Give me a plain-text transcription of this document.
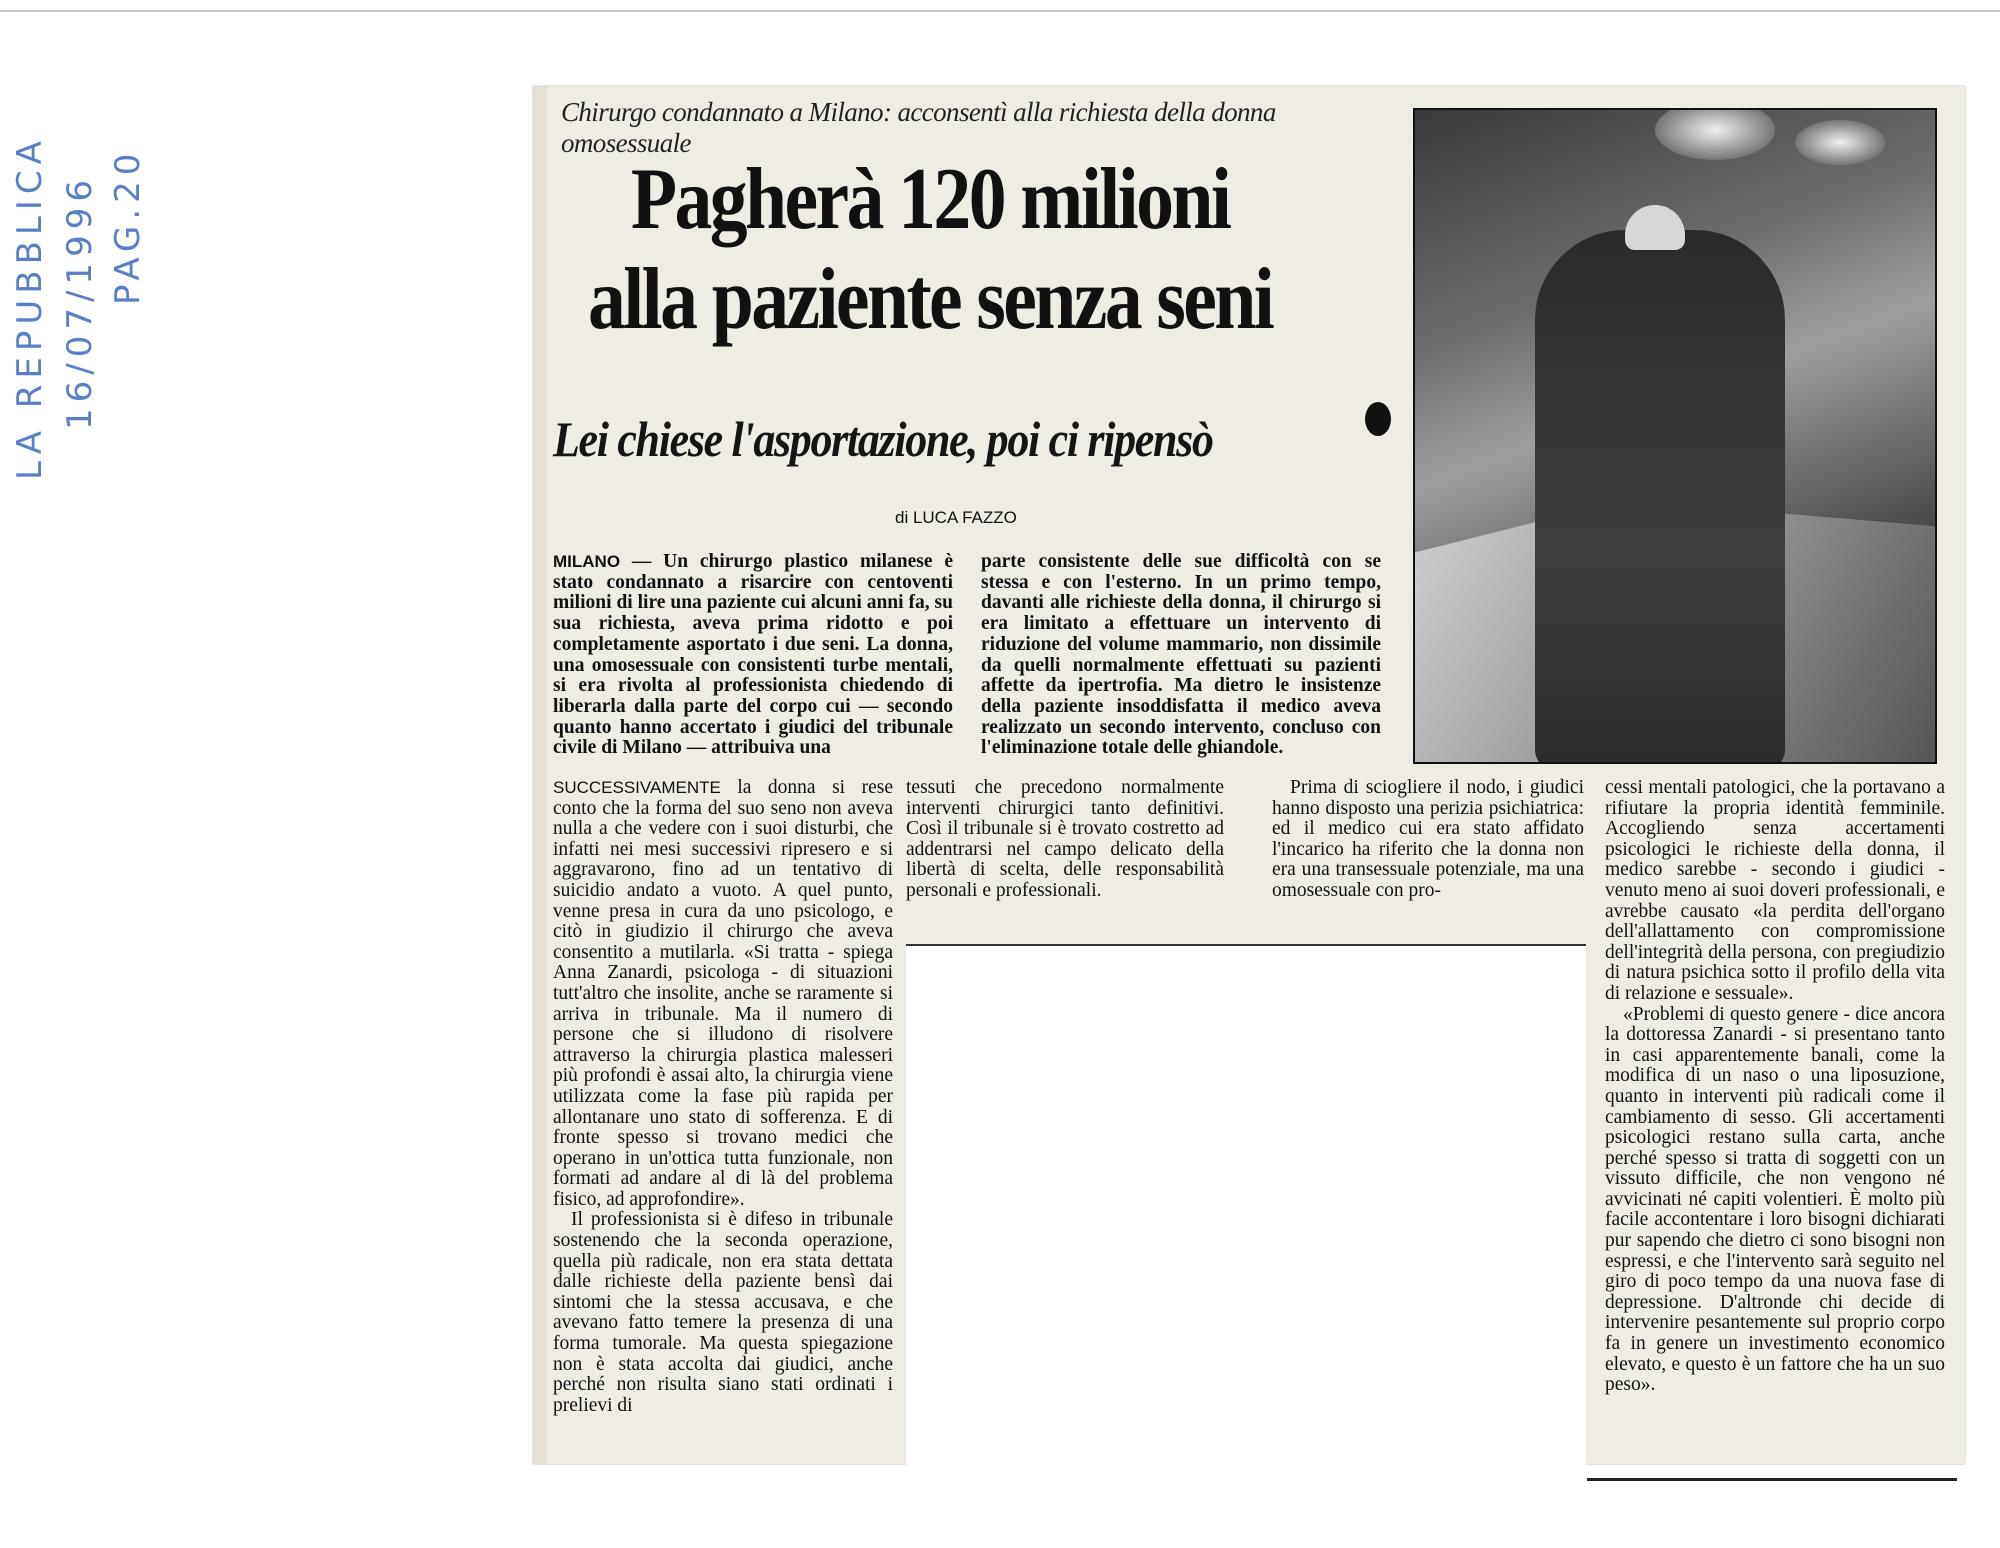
LA REPUBBLICA 16/07/1996 PAG.20
Chirurgo condannato a Milano: acconsentì alla richiesta della donna omosessuale
Pagherà 120 milioni
alla paziente senza seni
Lei chiese l'asportazione, poi ci ripensò
di LUCA FAZZO

MILANO — Un chirurgo plastico milanese è stato condannato a risarcire con centoventi milioni di lire una paziente cui alcuni anni fa, su sua richiesta, aveva prima ridotto e poi completamente asportato i due seni. La donna, una omosessuale con consistenti turbe mentali, si era rivolta al professionista chiedendo di liberarla dalla parte del corpo cui — secondo quanto hanno accertato i giudici del tribunale civile di Milano — attribuiva una

parte consistente delle sue difficoltà con se stessa e con l'esterno. In un primo tempo, davanti alle richieste della donna, il chirurgo si era limitato a effettuare un intervento di riduzione del volume mammario, non dissimile da quelli normalmente effettuati su pazienti affette da ipertrofia. Ma dietro le insistenze della paziente insoddisfatta il medico aveva realizzato un secondo intervento, concluso con l'eliminazione totale delle ghiandole.

SUCCESSIVAMENTE la donna si rese conto che la forma del suo seno non aveva nulla a che vedere con i suoi disturbi, che infatti nei mesi successivi ripresero e si aggravarono, fino ad un tentativo di suicidio andato a vuoto. A quel punto, venne presa in cura da uno psicologo, e citò in giudizio il chirurgo che aveva consentito a mutilarla. «Si tratta - spiega Anna Zanardi, psicologa - di situazioni tutt'altro che insolite, anche se raramente si arriva in tribunale. Ma il numero di persone che si illudono di risolvere attraverso la chirurgia plastica malesseri più profondi è assai alto, la chirurgia viene utilizzata come la fase più rapida per allontanare uno stato di sofferenza. E di fronte spesso si trovano medici che operano in un'ottica tutta funzionale, non formati ad andare al di là del problema fisico, ad approfondire».

Il professionista si è difeso in tribunale sostenendo che la seconda operazione, quella più radicale, non era stata dettata dalle richieste della paziente bensì dai sintomi che la stessa accusava, e che avevano fatto temere la presenza di una forma tumorale. Ma questa spiegazione non è stata accolta dai giudici, anche perché non risulta siano stati ordinati i prelievi di

tessuti che precedono normalmente interventi chirurgici tanto definitivi. Così il tribunale si è trovato costretto ad addentrarsi nel campo delicato della libertà di scelta, delle responsabilità personali e professionali.

Prima di sciogliere il nodo, i giudici hanno disposto una perizia psichiatrica: ed il medico cui era stato affidato l'incarico ha riferito che la donna non era una transessuale potenziale, ma una omosessuale con pro-

cessi mentali patologici, che la portavano a rifiutare la propria identità femminile. Accogliendo senza accertamenti psicologici le richieste della donna, il medico sarebbe - secondo i giudici - venuto meno ai suoi doveri professionali, e avrebbe causato «la perdita dell'organo dell'allattamento con compromissione dell'integrità della persona, con pregiudizio di natura psichica sotto il profilo della vita di relazione e sessuale».

«Problemi di questo genere - dice ancora la dottoressa Zanardi - si presentano tanto in casi apparentemente banali, come la modifica di un naso o una liposuzione, quanto in interventi più radicali come il cambiamento di sesso. Gli accertamenti psicologici restano sulla carta, anche perché spesso si tratta di soggetti con un vissuto difficile, che non vengono né avvicinati né capiti volentieri. È molto più facile accontentare i loro bisogni dichiarati pur sapendo che dietro ci sono bisogni non espressi, e che l'intervento sarà seguito nel giro di poco tempo da una nuova fase di depressione. D'altronde chi decide di intervenire pesantemente sul proprio corpo fa in genere un investimento economico elevato, e questo è un fattore che ha un suo peso».
